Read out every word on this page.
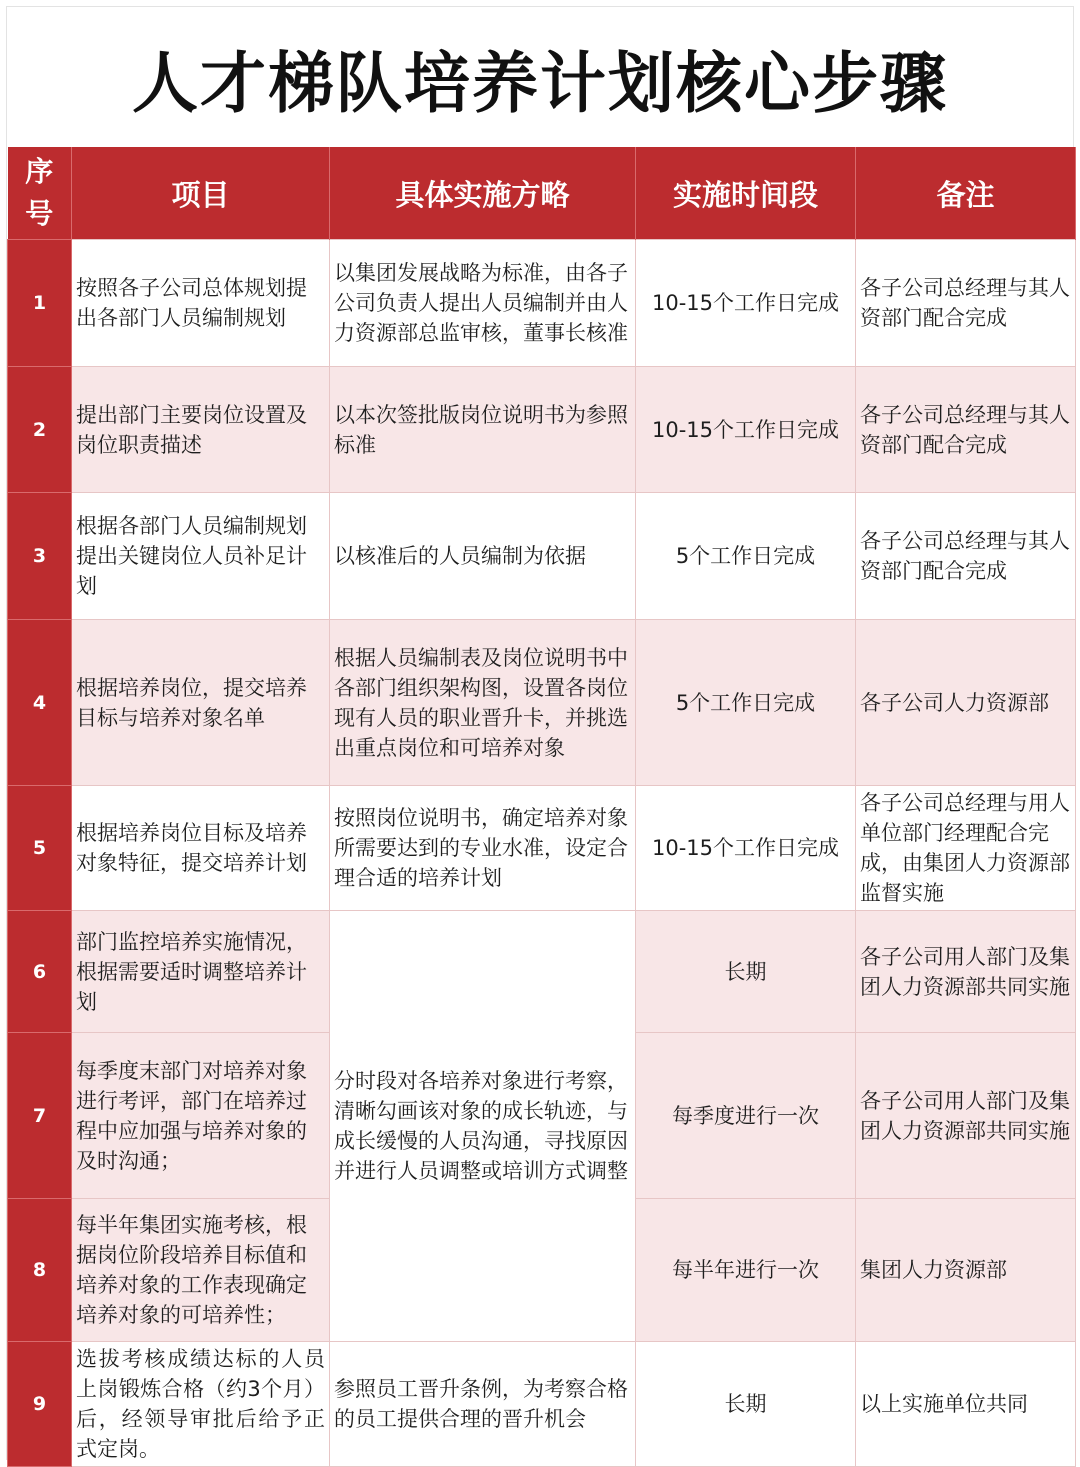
人才梯队培养计划核心步骤
序号	项目	具体实施方略	实施时间段	备注
1	按照各子公司总体规划提出各部门人员编制规划	以集团发展战略为标准，由各子公司负责人提出人员编制并由人力资源部总监审核，董事长核准	10-15个工作日完成	各子公司总经理与其人资部门配合完成
2	提出部门主要岗位设置及岗位职责描述	以本次签批版岗位说明书为参照标准	10-15个工作日完成	各子公司总经理与其人资部门配合完成
3	根据各部门人员编制规划提出关键岗位人员补足计划	以核准后的人员编制为依据	5个工作日完成	各子公司总经理与其人资部门配合完成
4	根据培养岗位，提交培养目标与培养对象名单	根据人员编制表及岗位说明书中各部门组织架构图，设置各岗位现有人员的职业晋升卡，并挑选出重点岗位和可培养对象	5个工作日完成	各子公司人力资源部
5	根据培养岗位目标及培养对象特征，提交培养计划	按照岗位说明书，确定培养对象所需要达到的专业水准，设定合理合适的培养计划	10-15个工作日完成	各子公司总经理与用人单位部门经理配合完成，由集团人力资源部监督实施
6	部门监控培养实施情况，根据需要适时调整培养计划	分时段对各培养对象进行考察，清晰勾画该对象的成长轨迹，与成长缓慢的人员沟通，寻找原因并进行人员调整或培训方式调整	长期	各子公司用人部门及集团人力资源部共同实施
7	每季度末部门对培养对象进行考评，部门在培养过程中应加强与培养对象的及时沟通；		每季度进行一次	各子公司用人部门及集团人力资源部共同实施
8	每半年集团实施考核，根据岗位阶段培养目标值和培养对象的工作表现确定培养对象的可培养性；		每半年进行一次	集团人力资源部
9	选拔考核成绩达标的人员上岗锻炼合格（约3个月）后，经领导审批后给予正式定岗。	参照员工晋升条例，为考察合格的员工提供合理的晋升机会	长期	以上实施单位共同
